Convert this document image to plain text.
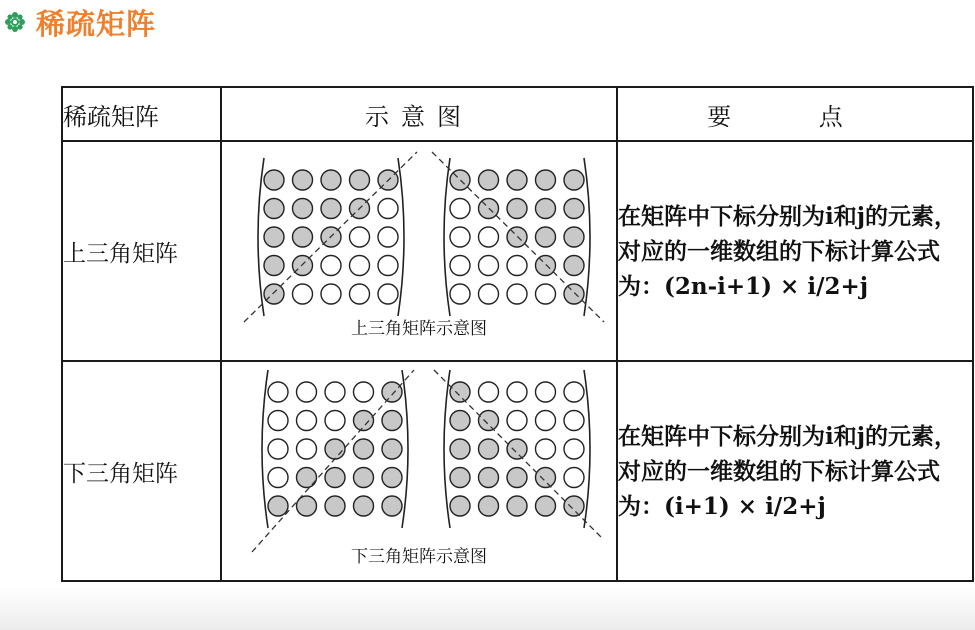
稀疏矩阵
稀疏矩阵	示意图	要 点
上三角矩阵	上三角矩阵示意图	在矩阵中下标分别为i和j的元素，对应的一维数组的下标计算公式为：(2n-i+1) × i/2+j
下三角矩阵	下三角矩阵示意图	在矩阵中下标分别为i和j的元素，对应的一维数组的下标计算公式为：(i+1) × i/2+j
